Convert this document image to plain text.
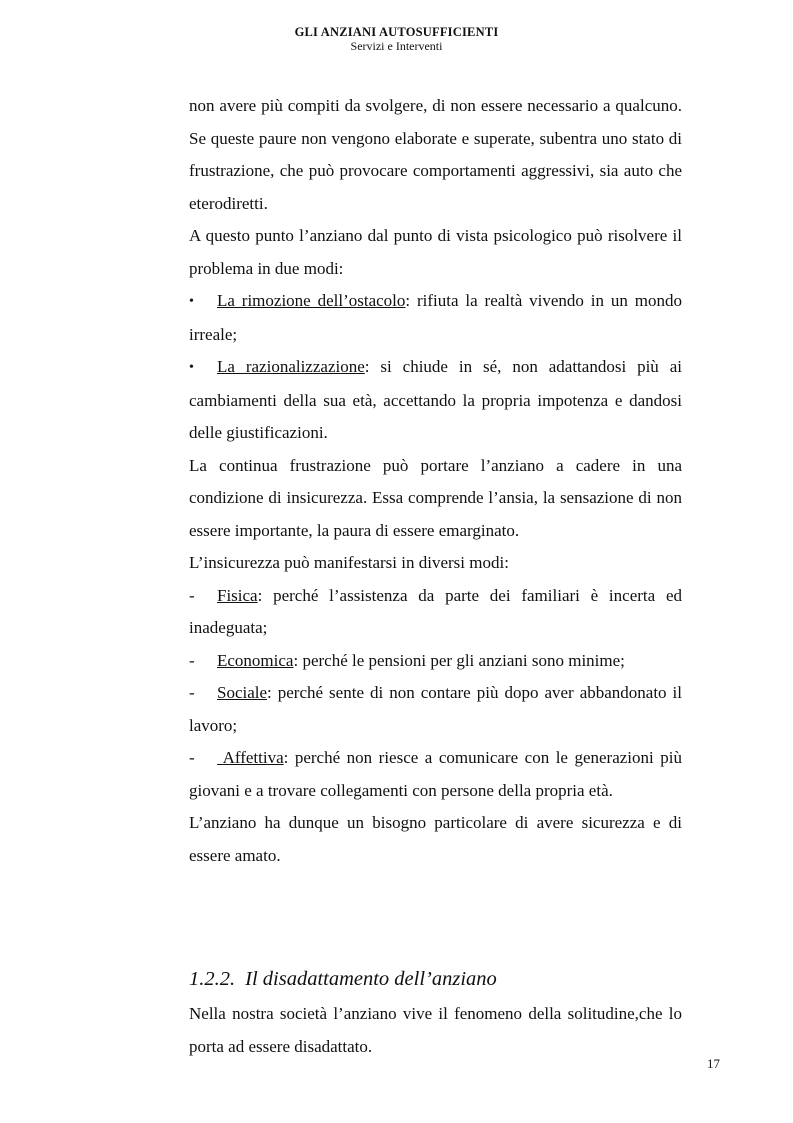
GLI ANZIANI AUTOSUFFICIENTI
Servizi e Interventi

non avere più compiti da svolgere, di non essere necessario a qualcuno. Se queste paure non vengono elaborate e superate, subentra uno stato di frustrazione, che può provocare comportamenti aggressivi, sia auto che eterodiretti.

A questo punto l’anziano dal punto di vista psicologico può risolvere il problema in due modi:

• La rimozione dell’ostacolo: rifiuta la realtà vivendo in un mondo irreale;

• La razionalizzazione: si chiude in sé, non adattandosi più ai cambiamenti della sua età, accettando la propria impotenza e dandosi delle giustificazioni.

La continua frustrazione può portare l’anziano a cadere in una condizione di insicurezza. Essa comprende l’ansia, la sensazione di non essere importante, la paura di essere emarginato.

L’insicurezza può manifestarsi in diversi modi:

- Fisica: perché l’assistenza da parte dei familiari è incerta ed inadeguata;

- Economica: perché le pensioni per gli anziani sono minime;

- Sociale: perché sente di non contare più dopo aver abbandonato il lavoro;

- Affettiva: perché non riesce a comunicare con le generazioni più giovani e a trovare collegamenti con persone della propria età.

L’anziano ha dunque un bisogno particolare di avere sicurezza e di essere amato.

1.2.2. Il disadattamento dell’anziano

Nella nostra società l’anziano vive il fenomeno della solitudine,che lo porta ad essere disadattato.

17
